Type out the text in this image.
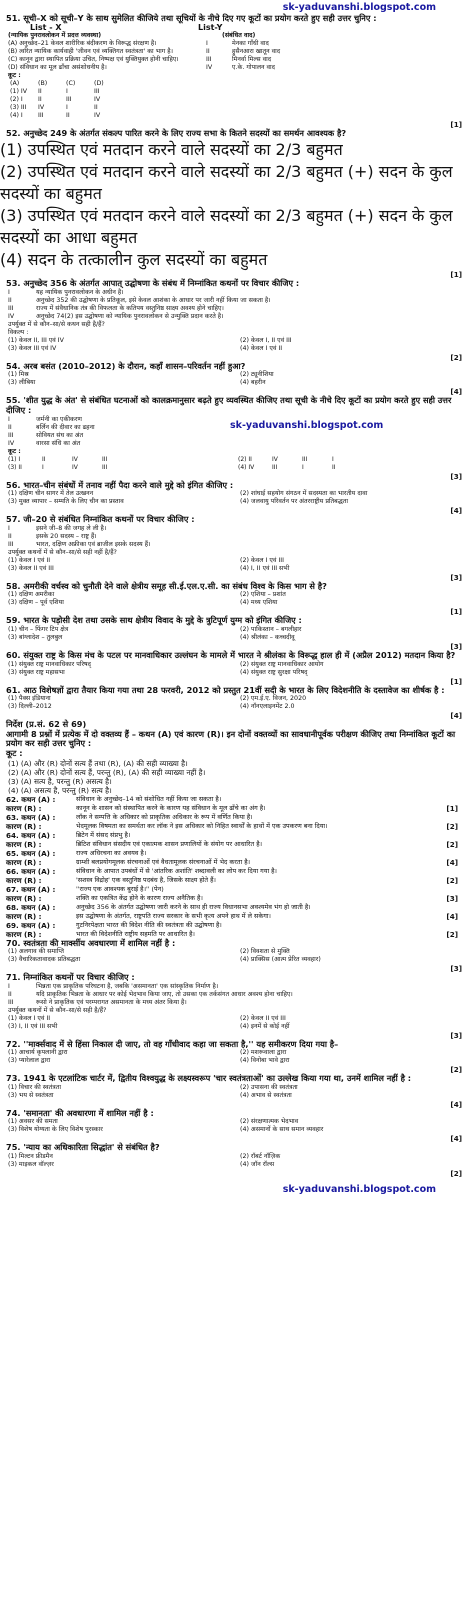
sk-yaduvanshi.blogspot.com
51. सूची–X को सूची–Y के साथ सुमेलित कीजिये तथा सूचियों के नीचे दिए गए कूटों का प्रयोग करते हुए सही उत्तर चुनिए :
List - X	List-Y
(न्यायिक पुनरावलोकन में प्रदत्त व्यवस्था)	(संबंधित वाद)
(A) अनुच्छेद–21 केवल शारीरिक बंदीकरण के विरूद्ध संरक्षण है।	I	मेनका गाँधी वाद
(B) त्वरित न्यायिक कार्यवाही 'जीवन एवं व्यक्तिगत स्वतंत्रता' का भाग है।	II	हुसैनआरा खातून वाद
(C) कानून द्वारा स्थापित प्रक्रिया उचित, निष्पक्ष एवं युक्तियुक्त होनी चाहिए।	III	मिनर्वा मिल्स वाद
(D) संविधान का मूल ढाँचा असंशोधनीय है।	IV	ए.के. गोपालन वाद
कूट :
(A)	(B)	(C)	(D)
(1) IV	II	I	III
(2) I	II	III	IV
(3) III	IV	I	II
(4) I	III	II	IV
[1]
52. अनुच्छेद 249 के अंतर्गत संकल्प पारित करने के लिए राज्य सभा के कितने सदस्यों का समर्थन आवश्यक है?
(1) उपस्थित एवं मतदान करने वाले सदस्यों का 2/3 बहुमत
(2) उपस्थित एवं मतदान करने वाले सदस्यों का 2/3 बहुमत (+) सदन के कुल सदस्यों का बहुमत
(3) उपस्थित एवं मतदान करने वाले सदस्यों का 2/3 बहुमत (+) सदन के कुल सदस्यों का आधा बहुमत
(4) सदन के तत्कालीन कुल सदस्यों का बहुमत
[1]
53. अनुच्छेद 356 के अंतर्गत आपात् उद्घोषणा के संबंध में निम्नांकित कथनों पर विचार कीजिए :
I	यह न्यायिक पुनरावलोकन के अधीन है।
II	अनुच्छेद 352 की उद्घोषणा के प्रतिकूल, इसे केवल आशंका के आधार पर जारी नहीं किया जा सकता है।
III	राज्य में संवैधानिक तंत्र की विफलता के कतिपय वस्तुनिष्ठ साक्ष्य अवश्य होने चाहिए।
IV	अनुच्छेद 74(2) इस उद्घोषणा को न्यायिक पुनरावलोकन से उन्मुक्ति प्रदान करते है।
उपर्युक्त में से कौन–सा/से कथन सही है/हैं?
विकल्प :
(1) केवल II, III एवं IV	(2) केवल I, II एवं III
(3) केवल III एवं IV	(4) केवल I एवं II
[2]
54. अरब बसंत (2010–2012) के दौरान, कहाँ शासन–परिवर्तन नहीं हुआ?
(1) मिस्र	(2) ट्यूनीशिया
(3) लीबिया	(4) बहरीन
[4]
55. 'शीत युद्ध के अंत' से संबंधित घटनाओं को कालक्रमानुसार बढ़ते हुए व्यवस्थित कीजिए तथा सूची के नीचे दिए कूटों का प्रयोग करते हुए सही उत्तर दीजिए :
I	जर्मनी का एकीकरण
II	बर्लिन की दीवार का ढहना
III	सोवियत संघ का अंत
IV	वारसा संधि का अंत
sk-yaduvanshi.blogspot.com
कूट :
(1) I	II	IV	III
(3) II	I	IV	III
(2) II	IV	III	I
(4) IV	III	I	II
[3]
56. भारत–चीन संबंधों में तनाव नहीं पैदा करने वाले मुद्दे को इंगित कीजिए :
(1) दक्षिण चीन सागर में तेल उत्खनन	(2) शांघाई सहयोग संगठन में सदस्यता का भारतीय दावा
(3) मुक्त व्यापार – सम्मति के लिए चीन का प्रस्ताव	(4) जलवायु परिवर्तन पर अंतरराष्ट्रीय प्रतिबद्धता
[4]
57. जी–20 से संबंधित निम्नांकित कथनों पर विचार कीजिए :
I	इसने जी–8 की जगह ले ली है।
II	इसके 20 सदस्य – राष्ट्र हैं।
III	भारत, दक्षिण अफ्रीका एवं ब्राजील इसके सदस्य हैं।
उपर्युक्त कथनों में से कौन–सा/से सही नहीं है/हैं?
(1) केवल I एवं II	(2) केवल I एवं III
(3) केवल II एवं III	(4) I, II एवं III सभी
[3]
58. अमरीकी वर्चस्व को चुनौती देने वाले क्षेत्रीय समूह सी.ई.एल.ए.सी. का संबंध विश्व के किस भाग से है?
(1) दक्षिण अमरीका	(2) एशिया – प्रशांत
(3) दक्षिण – पूर्व एशिया	(4) मध्य एशिया
[1]
59. भारत के पड़ोसी देश तथा उसके साथ क्षेत्रीय विवाद के मुद्दे के त्रुटिपूर्ण युग्म को इंगित कीजिए :
(1) चीन – फिंगर टिप क्षेत्र	(2) पाकिस्तान – बगलीहार
(3) बांग्लादेश – तुलबुल	(4) श्रीलंका – कच्चदीवू
[3]
60. संयुक्त राष्ट्र के किस मंच के पटल पर मानवाधिकार उल्लंघन के मामले में भारत ने श्रीलंका के विरूद्ध हाल ही में (अप्रैल 2012) मतदान किया है?
(1) संयुक्त राष्ट्र मानवाधिकार परिषद्	(2) संयुक्त राष्ट्र मानवाधिकार आयोग
(3) संयुक्त राष्ट्र महासभा	(4) संयुक्त राष्ट्र सुरक्षा परिषद्
[1]
61. आठ विशेषज्ञों द्वारा तैयार किया गया तथा 28 फरवरी, 2012 को प्रस्तुत 21वीं सदी के भारत के लिए विदेशनीति के दस्तावेज का शीर्षक है :
(1) पैक्स इंडियाना	(2) एम.ई.ए. विजन, 2020
(3) दिल्ली–2012	(4) नॉनएलाइनमेंट 2.0
[4]
निर्देश (प्र.सं. 62 से 69)
आगामी 8 प्रश्नों में प्रत्येक में दो वक्तव्य हैं – कथन (A) एवं कारण (R)। इन दोनों वक्तव्यों का सावधानीपूर्वक परीक्षण कीजिए तथा निम्नांकित कूटों का प्रयोग कर सही उत्तर चुनिए :
कूट :
(1) (A) और (R) दोनों सत्य हैं तथा (R), (A) की सही व्याख्या है।
(2) (A) और (R) दोनों सत्य हैं, परन्तु (R), (A) की सही व्याख्या नहीं है।
(3) (A) सत्य है, परन्तु (R) असत्य है।
(4) (A) असत्य है, परन्तु (R) सत्य है।
62. कथन (A) :	संविधान के अनुच्छेद–14 को संशोधित नहीं किया जा सकता है।
कारण (R) :	कानून के शासन को संस्थापित करने के कारण यह संविधान के मूल ढाँचे का अंग है।	[1]
63. कथन (A) :	लॉक ने सम्पत्ति के अधिकार को प्राकृतिक अधिकार के रूप में वर्णित किया है।
कारण (R) :	भेदमूलक विषमता का समर्थता कर लॉक ने इस अधिकार को निहित स्वार्थों के हाथों में एक उपकरण बना दिया।	[2]
64. कथन (A) :	ब्रिटेन में संसद संप्रभु है।
कारण (R) :	ब्रिटिश संविधान संसदीय एवं एकात्मक शासन प्रणालियों के संयोग पर आधारित है।	[2]
65. कथन (A) :	राज्य अधिरचना का अवयव है।
कारण (R) :	ग्राम्शी बलप्रयोगमूलक संरचनाओं एवं वैधतामूलक संरचनाओं में भेद करता है।	[4]
66. कथन (A) :	संविधान के आपात उपबंधों में से 'आंतरिक अशांति' शब्दावली का लोप कर दिया गया है।
कारण (R) :	'सशस्त्र विद्रोह' एक वस्तुनिष्ठ पदबंध है, जिसके साक्ष्य होते हैं।	[2]
67. कथन (A) :	''राज्य एक आवश्यक बुराई है।'' (पेन)
कारण (R) :	शक्ति का एकत्रित केंद्र होने के कारण राज्य अनैतिक है।	[3]
68. कथन (A) :	अनुच्छेद 356 के अंतर्गत उद्घोषणा जारी करने के साथ ही राज्य विधानसभा अवश्यमेव भंग हो जाती है।
कारण (R) :	इस उद्घोषणा के अंतर्गत, राष्ट्रपति राज्य सरकार के सभी कृत्य अपने हाथ में ले सकेगा।	[4]
69. कथन (A) :	गुटनिरपेक्षता भारत की विदेश नीति की स्वतंत्रता की उद्घोषणा है।
कारण (R) :	भारत की विदेशनीति राष्ट्रीय सहमति पर आधारित है।	[2]
70. स्वतंत्रता की मार्क्सीय अवधारणा में शामिल नहीं है :
(1) अलगाव की समाप्ति	(2) विवशता से मुक्ति
(3) वैचारिकतावादक प्रतिबद्धता	(4) प्राक्सिस (आत्म प्रेरित व्यवहार)
[3]
71. निम्नांकित कथनों पर विचार कीजिए :
I	भिन्नता एक प्राकृतिक परिघटना है, जबकि 'असमानता' एक सांस्कृतिक निर्माण है।
II	यदि प्राकृतिक भिन्नता के आधार पर कोई भेदभाव किया जाए, तो उसका एक तर्कसंगत आधार अवश्य होना चाहिए।
III	रूसो ने प्राकृतिक एवं परम्परागत असमानता के मध्य अंतर किया है।
उपर्युक्त कथनों में से कौन–सा/से सही है/हैं?
(1) केवल I एवं II	(2) केवल II एवं III
(3) I, II एवं III सभी	(4) इनमें से कोई नहीं
[3]
72. ''मार्क्सवाद में से हिंसा निकाल दी जाए, तो वह गाँधीवाद कहा जा सकता है,'' यह समीकरण दिया गया है–
(1) आचार्य कृपलानी द्वारा	(2) मशरूवाला द्वारा
(3) प्यारेलाल द्वारा	(4) विनोबा भावे द्वारा
[2]
73. 1941 के एटलांटिक चार्टर में, द्वितीय विश्वयुद्ध के लक्ष्यस्वरूप 'चार स्वतंत्रताओं' का उल्लेख किया गया था, उनमें शामिल नहीं है :
(1) विचार की स्वतंत्रता	(2) उपासना की स्वतंत्रता
(3) भय से स्वतंत्रता	(4) अभाव से स्वतंत्रता
[4]
74. 'समानता' की अवधारणा में शामिल नहीं है :
(1) अवसर की समता	(2) संरक्षणात्मक भेदभाव
(3) विशेष योग्यता के लिए विशेष पुरस्कार	(4) असमानों के साथ समान व्यवहार
[4]
75. 'न्याय का अधिकारिता सिद्धांत' से संबंधित है?
(1) मिल्टन फ्रीडमैन	(2) रॉबर्ट नॉज़िक
(3) माइकल वॉल्ज़र	(4) जॉन रॉल्स
[2]
sk-yaduvanshi.blogspot.com
